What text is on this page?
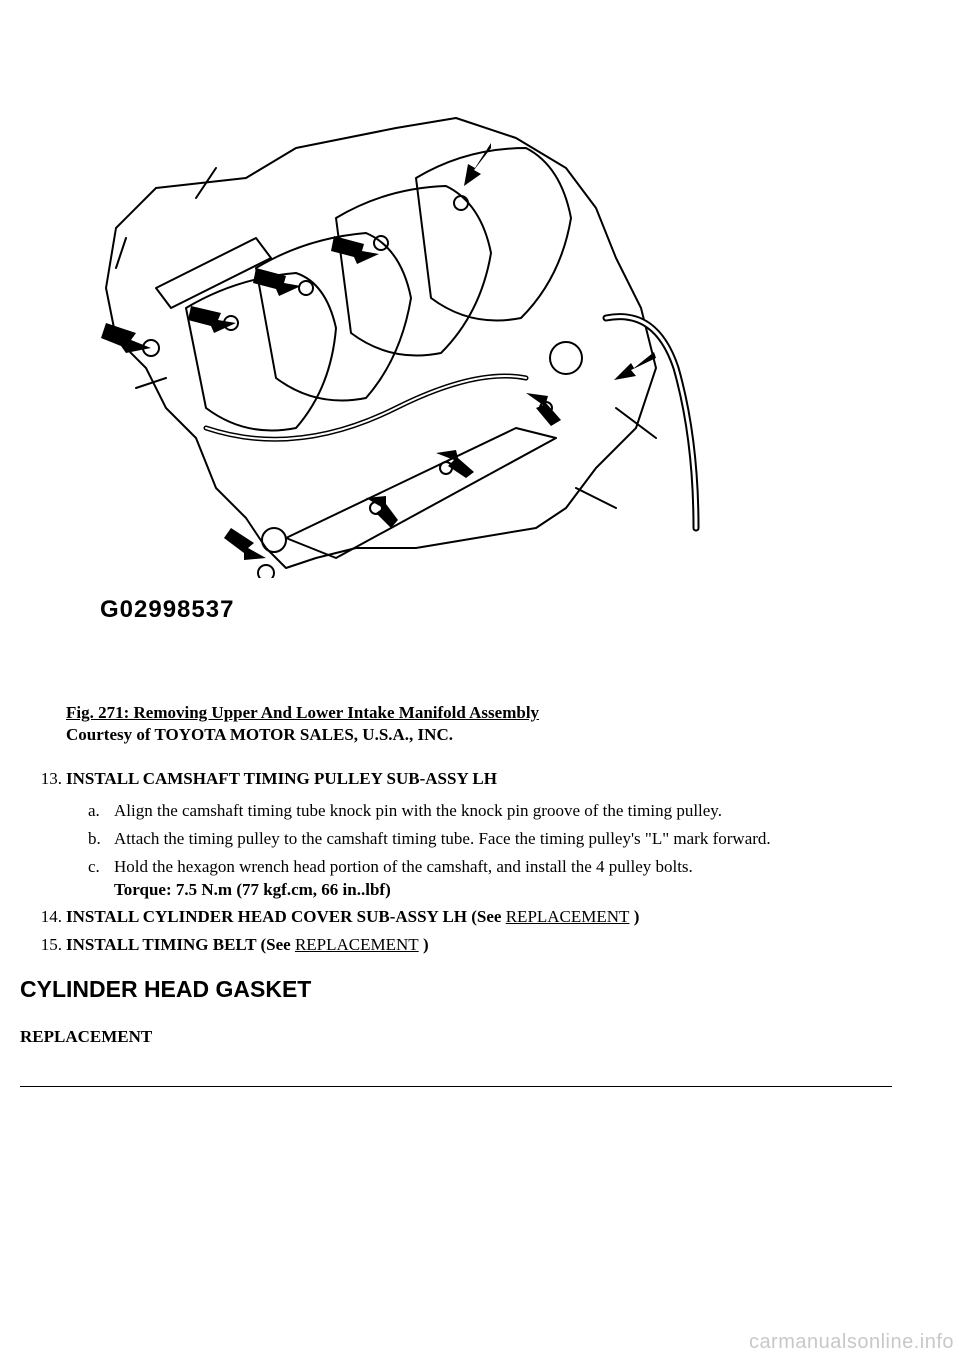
G02998537
Fig. 271: Removing Upper And Lower Intake Manifold Assembly
Courtesy of TOYOTA MOTOR SALES, U.S.A., INC.
13. INSTALL CAMSHAFT TIMING PULLEY SUB-ASSY LH
a. Align the camshaft timing tube knock pin with the knock pin groove of the timing pulley.
b. Attach the timing pulley to the camshaft timing tube. Face the timing pulley's "L" mark forward.
c. Hold the hexagon wrench head portion of the camshaft, and install the 4 pulley bolts.
Torque: 7.5 N.m (77 kgf.cm, 66 in..lbf)
14. INSTALL CYLINDER HEAD COVER SUB-ASSY LH (See REPLACEMENT )
15. INSTALL TIMING BELT (See REPLACEMENT )
CYLINDER HEAD GASKET
REPLACEMENT
carmanualsonline.info
